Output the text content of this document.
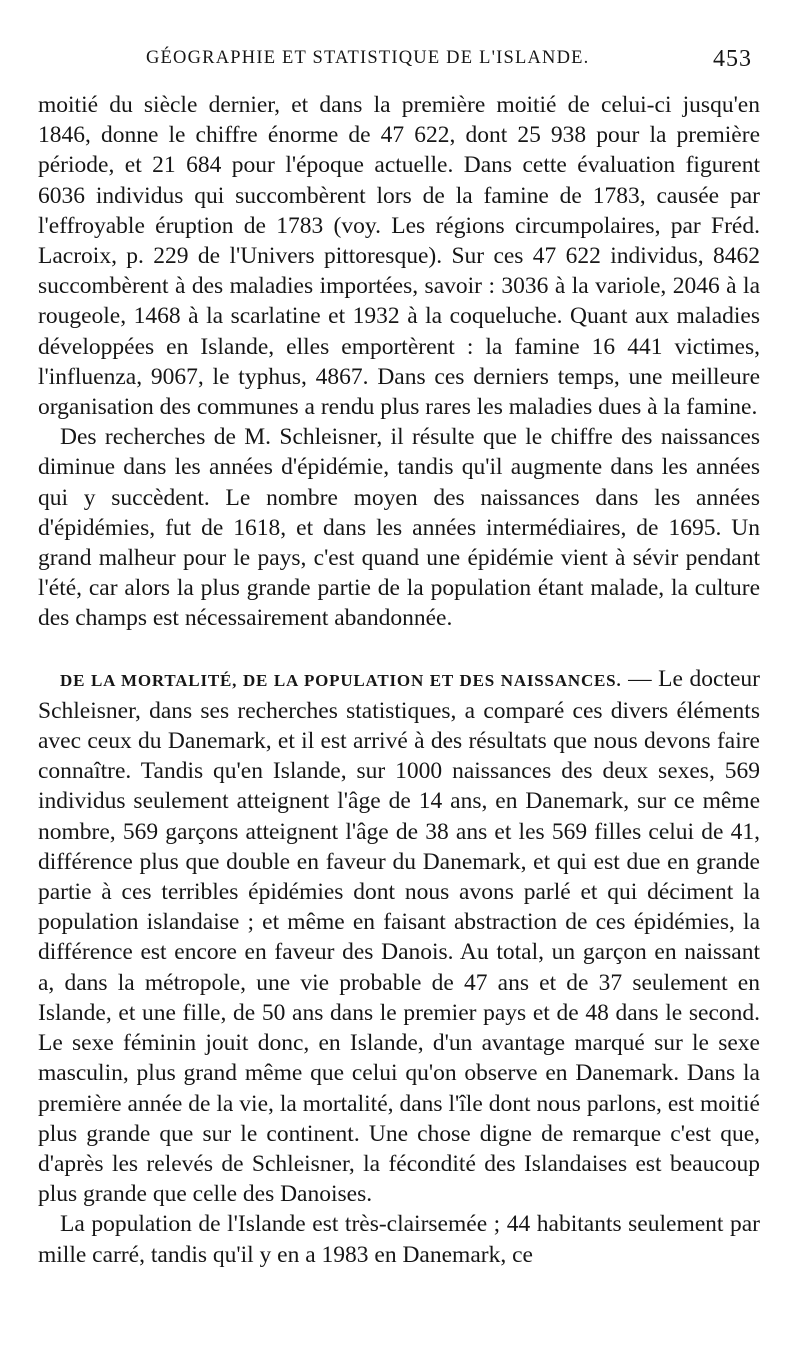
GÉOGRAPHIE ET STATISTIQUE DE L'ISLANDE.	453

moitié du siècle dernier, et dans la première moitié de celui-ci jusqu'en 1846, donne le chiffre énorme de 47 622, dont 25 938 pour la première période, et 21 684 pour l'époque actuelle. Dans cette évaluation figurent 6036 individus qui succombèrent lors de la famine de 1783, causée par l'effroyable éruption de 1783 (voy. Les régions circumpolaires, par Fréd. Lacroix, p. 229 de l'Univers pittoresque). Sur ces 47 622 individus, 8462 succombèrent à des maladies importées, savoir : 3036 à la variole, 2046 à la rougeole, 1468 à la scarlatine et 1932 à la coqueluche. Quant aux maladies développées en Islande, elles emportèrent : la famine 16 441 victimes, l'influenza, 9067, le typhus, 4867. Dans ces derniers temps, une meilleure organisation des communes a rendu plus rares les maladies dues à la famine.

Des recherches de M. Schleisner, il résulte que le chiffre des naissances diminue dans les années d'épidémie, tandis qu'il augmente dans les années qui y succèdent. Le nombre moyen des naissances dans les années d'épidémies, fut de 1618, et dans les années intermédiaires, de 1695. Un grand malheur pour le pays, c'est quand une épidémie vient à sévir pendant l'été, car alors la plus grande partie de la population étant malade, la culture des champs est nécessairement abandonnée.

DE LA MORTALITÉ, DE LA POPULATION ET DES NAISSANCES. — Le docteur Schleisner, dans ses recherches statistiques, a comparé ces divers éléments avec ceux du Danemark, et il est arrivé à des résultats que nous devons faire connaître. Tandis qu'en Islande, sur 1000 naissances des deux sexes, 569 individus seulement atteignent l'âge de 14 ans, en Danemark, sur ce même nombre, 569 garçons atteignent l'âge de 38 ans et les 569 filles celui de 41, différence plus que double en faveur du Danemark, et qui est due en grande partie à ces terribles épidémies dont nous avons parlé et qui déciment la population islandaise ; et même en faisant abstraction de ces épidémies, la différence est encore en faveur des Danois. Au total, un garçon en naissant a, dans la métropole, une vie probable de 47 ans et de 37 seulement en Islande, et une fille, de 50 ans dans le premier pays et de 48 dans le second. Le sexe féminin jouit donc, en Islande, d'un avantage marqué sur le sexe masculin, plus grand même que celui qu'on observe en Danemark. Dans la première année de la vie, la mortalité, dans l'île dont nous parlons, est moitié plus grande que sur le continent. Une chose digne de remarque c'est que, d'après les relevés de Schleisner, la fécondité des Islandaises est beaucoup plus grande que celle des Danoises.

La population de l'Islande est très-clairsemée ; 44 habitants seulement par mille carré, tandis qu'il y en a 1983 en Danemark, ce
